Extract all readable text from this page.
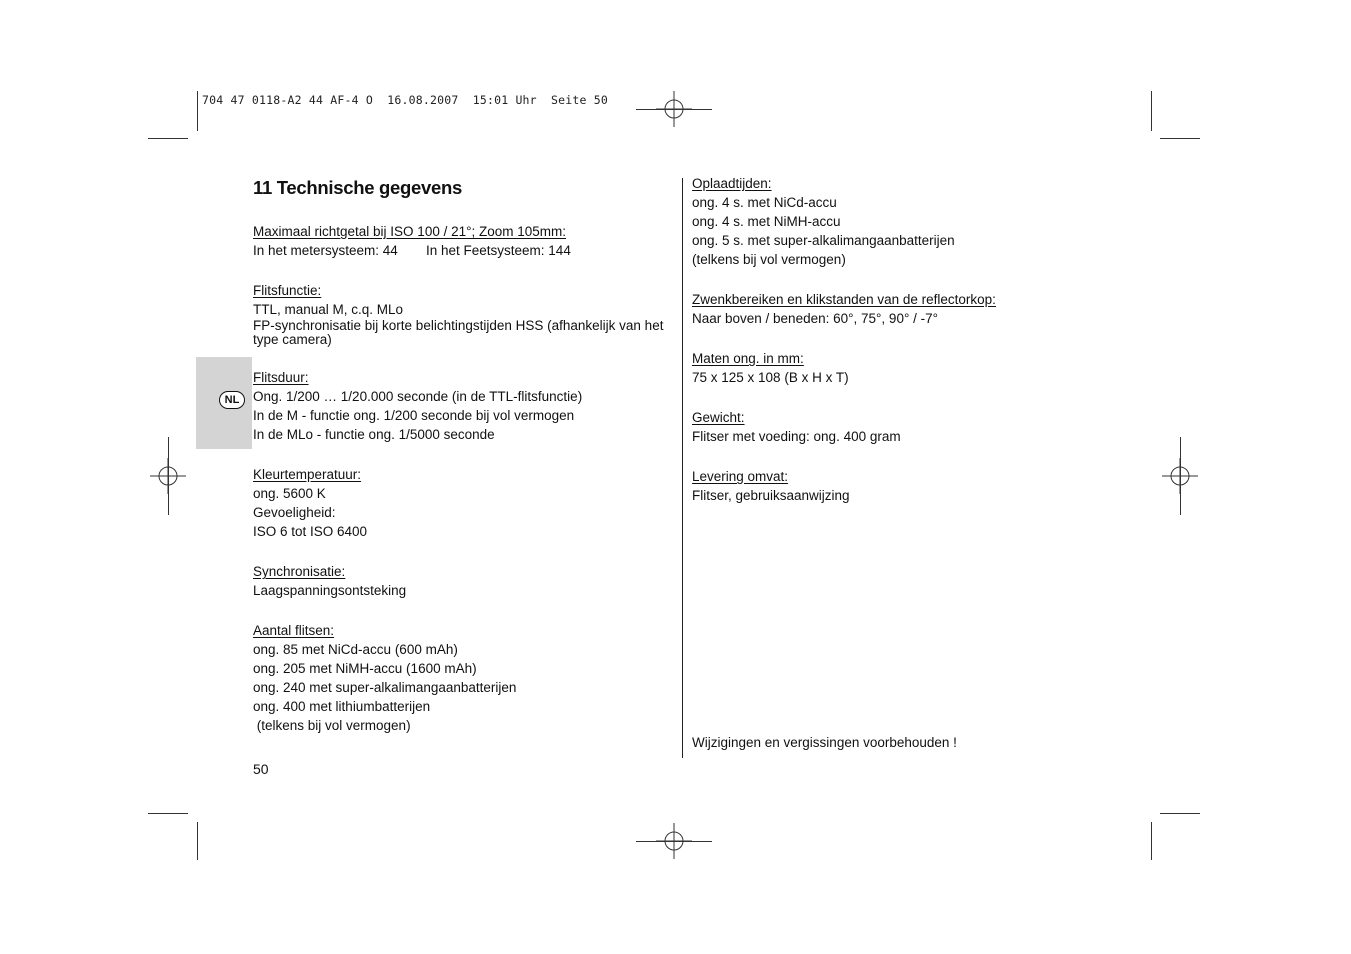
704 47 0118-A2 44 AF-4 O  16.08.2007  15:01 Uhr  Seite 50
NL
11 Technische gegevens
Maximaal richtgetal bij ISO 100 / 21°; Zoom 105mm:
In het metersysteem: 44	In het Feetsysteem: 144
Flitsfunctie:
TTL, manual M, c.q. MLo
FP-synchronisatie bij korte belichtingstijden HSS (afhankelijk van het type camera)
Flitsduur:
Ong. 1/200 … 1/20.000 seconde (in de TTL-flitsfunctie)
In de M - functie ong. 1/200 seconde bij vol vermogen
In de MLo - functie ong. 1/5000 seconde
Kleurtemperatuur:
ong. 5600 K
Gevoeligheid:
ISO 6 tot ISO 6400
Synchronisatie:
Laagspanningsontsteking
Aantal flitsen:
ong. 85 met NiCd-accu (600 mAh)
ong. 205 met NiMH-accu (1600 mAh)
ong. 240 met super-alkalimangaanbatterijen
ong. 400 met lithiumbatterijen
(telkens bij vol vermogen)
Oplaadtijden:
ong. 4 s. met NiCd-accu
ong. 4 s. met NiMH-accu
ong. 5 s. met super-alkalimangaanbatterijen
(telkens bij vol vermogen)
Zwenkbereiken en klikstanden van de reflectorkop:
Naar boven / beneden: 60°, 75°, 90° / -7°
Maten ong. in mm:
75 x 125 x 108 (B x H x T)
Gewicht:
Flitser met voeding: ong. 400 gram
Levering omvat:
Flitser, gebruiksaanwijzing
50
Wijzigingen en vergissingen voorbehouden !
